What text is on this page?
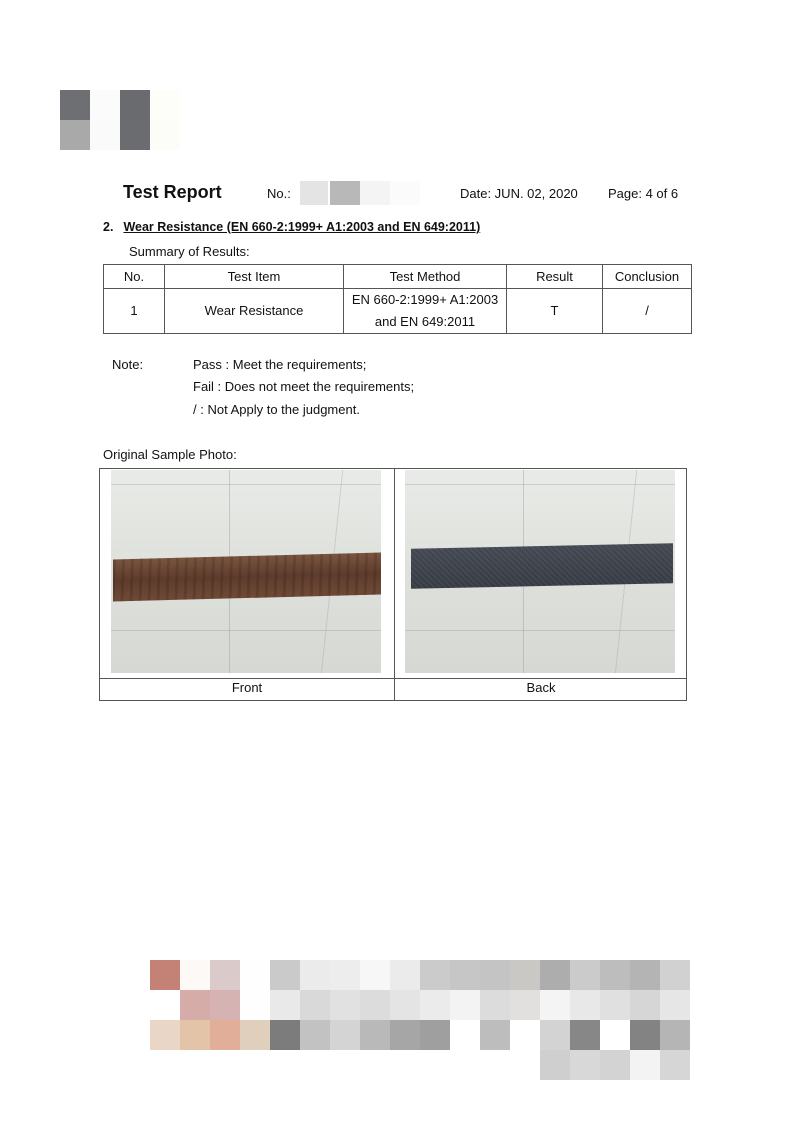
Test Report	No.:	Date: JUN. 02, 2020 Page: 4 of 6
2. Wear Resistance (EN 660-2:1999+ A1:2003 and EN 649:2011)
Summary of Results:
No.	Test Item	Test Method	Result	Conclusion
1	Wear Resistance	EN 660-2:1999+ A1:2003
and EN 649:2011	T	/
Note:	Pass : Meet the requirements;
Fail : Does not meet the requirements;
/ : Not Apply to the judgment.
Original Sample Photo:
Front	Back
